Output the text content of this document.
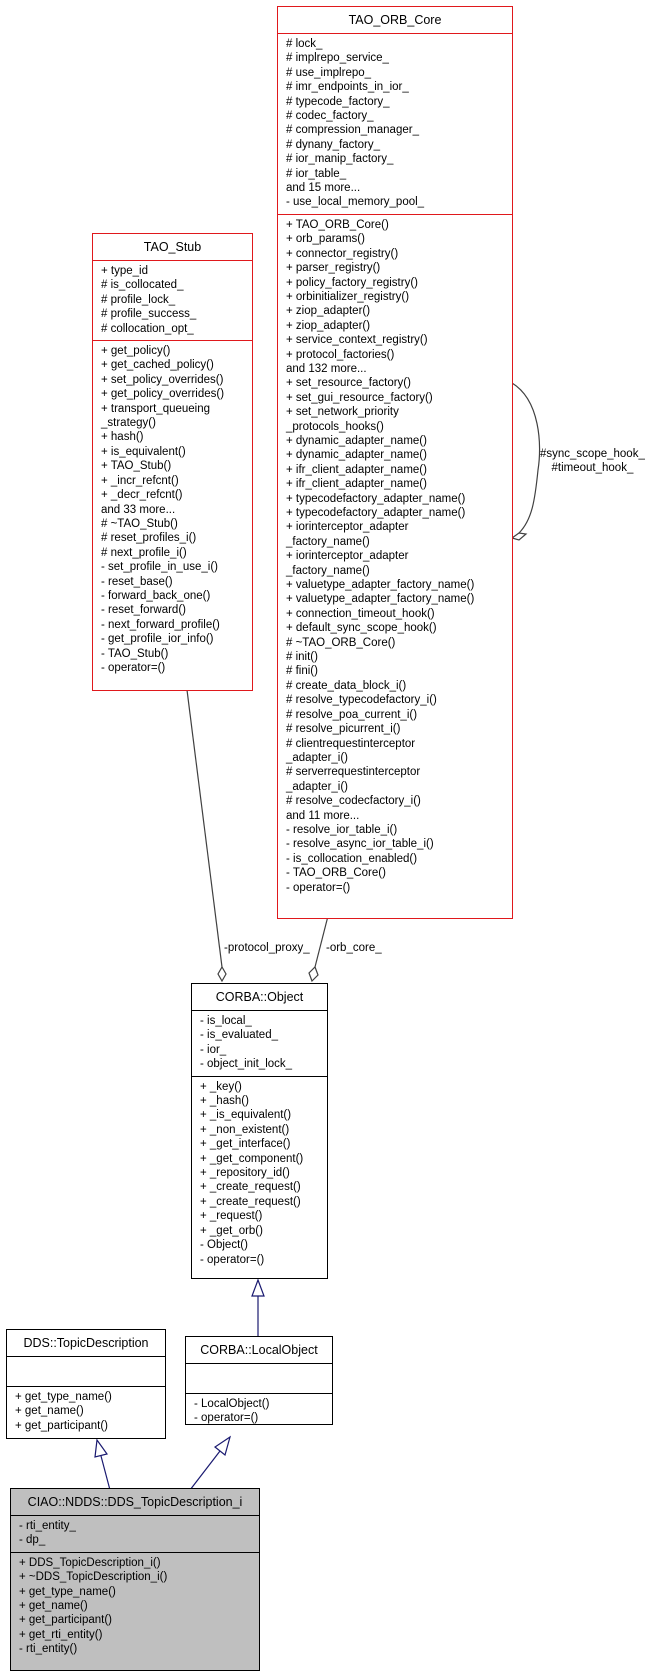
-protocol_proxy_ -orb_core_
#sync_scope_hook_
#timeout_hook_
TAO_ORB_Core
# lock_
# implrepo_service_
# use_implrepo_
# imr_endpoints_in_ior_
# typecode_factory_
# codec_factory_
# compression_manager_
# dynany_factory_
# ior_manip_factory_
# ior_table_
and 15 more...
- use_local_memory_pool_
+ TAO_ORB_Core()
+ orb_params()
+ connector_registry()
+ parser_registry()
+ policy_factory_registry()
+ orbinitializer_registry()
+ ziop_adapter()
+ ziop_adapter()
+ service_context_registry()
+ protocol_factories()
and 132 more...
+ set_resource_factory()
+ set_gui_resource_factory()
+ set_network_priority
_protocols_hooks()
+ dynamic_adapter_name()
+ dynamic_adapter_name()
+ ifr_client_adapter_name()
+ ifr_client_adapter_name()
+ typecodefactory_adapter_name()
+ typecodefactory_adapter_name()
+ iorinterceptor_adapter
_factory_name()
+ iorinterceptor_adapter
_factory_name()
+ valuetype_adapter_factory_name()
+ valuetype_adapter_factory_name()
+ connection_timeout_hook()
+ default_sync_scope_hook()
# ~TAO_ORB_Core()
# init()
# fini()
# create_data_block_i()
# resolve_typecodefactory_i()
# resolve_poa_current_i()
# resolve_picurrent_i()
# clientrequestinterceptor
_adapter_i()
# serverrequestinterceptor
_adapter_i()
# resolve_codecfactory_i()
and 11 more...
- resolve_ior_table_i()
- resolve_async_ior_table_i()
- is_collocation_enabled()
- TAO_ORB_Core()
- operator=()
TAO_Stub
+ type_id
# is_collocated_
# profile_lock_
# profile_success_
# collocation_opt_
+ get_policy()
+ get_cached_policy()
+ set_policy_overrides()
+ get_policy_overrides()
+ transport_queueing
_strategy()
+ hash()
+ is_equivalent()
+ TAO_Stub()
+ _incr_refcnt()
+ _decr_refcnt()
and 33 more...
# ~TAO_Stub()
# reset_profiles_i()
# next_profile_i()
- set_profile_in_use_i()
- reset_base()
- forward_back_one()
- reset_forward()
- next_forward_profile()
- get_profile_ior_info()
- TAO_Stub()
- operator=()
CORBA::Object
- is_local_
- is_evaluated_
- ior_
- object_init_lock_
+ _key()
+ _hash()
+ _is_equivalent()
+ _non_existent()
+ _get_interface()
+ _get_component()
+ _repository_id()
+ _create_request()
+ _create_request()
+ _request()
+ _get_orb()
- Object()
- operator=()
DDS::TopicDescription
+ get_type_name()
+ get_name()
+ get_participant()
CORBA::LocalObject
- LocalObject()
- operator=()
CIAO::NDDS::DDS_TopicDescription_i
- rti_entity_
- dp_
+ DDS_TopicDescription_i()
+ ~DDS_TopicDescription_i()
+ get_type_name()
+ get_name()
+ get_participant()
+ get_rti_entity()
- rti_entity()
